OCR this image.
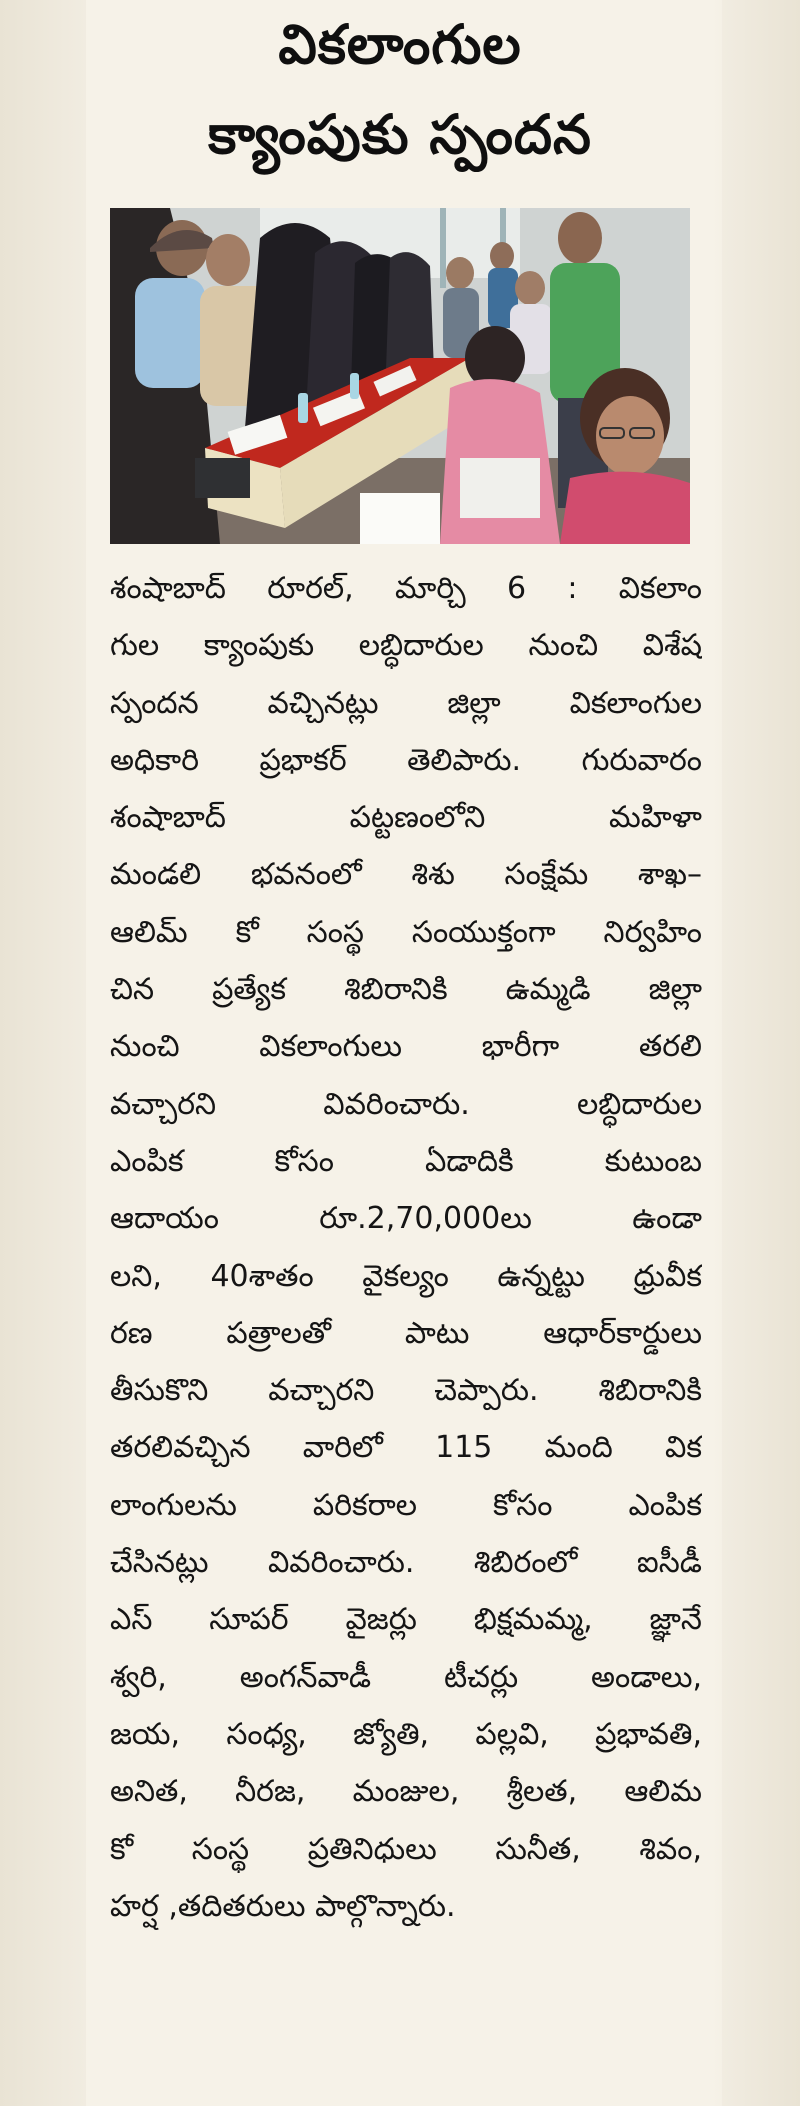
వికలాంగుల
క్యాంపుకు స్పందన
శంషాబాద్ రూరల్, మార్చి 6 : వికలాం
గుల క్యాంపుకు లబ్ధిదారుల నుంచి విశేష
స్పందన వచ్చినట్లు జిల్లా వికలాంగుల
అధికారి ప్రభాకర్ తెలిపారు. గురువారం
శంషాబాద్ పట్టణంలోని మహిళా
మండలి భవనంలో శిశు సంక్షేమ శాఖ–
ఆలిమ్ కో సంస్థ సంయుక్తంగా నిర్వహిం
చిన ప్రత్యేక శిబిరానికి ఉమ్మడి జిల్లా
నుంచి వికలాంగులు భారీగా తరలి
వచ్చారని వివరించారు. లబ్ధిదారుల
ఎంపిక కోసం ఏడాదికి కుటుంబ
ఆదాయం రూ.2,70,000లు ఉండా
లని, 40శాతం వైకల్యం ఉన్నట్టు ధ్రువీక
రణ పత్రాలతో పాటు ఆధార్‌కార్డులు
తీసుకొని వచ్చారని చెప్పారు. శిబిరానికి
తరలివచ్చిన వారిలో 115 మంది విక
లాంగులను పరికరాల కోసం ఎంపిక
చేసినట్లు వివరించారు. శిబిరంలో ఐసీడీ
ఎస్ సూపర్ వైజర్లు భిక్షమమ్మ, జ్ఞానే
శ్వరి, అంగన్‌వాడీ టీచర్లు అండాలు,
జయ, సంధ్య, జ్యోతి, పల్లవి, ప్రభావతి,
అనిత, నీరజ, మంజుల, శ్రీలత, ఆలిమ
కో సంస్థ ప్రతినిధులు సునీత, శివం,
హర్ష ,తదితరులు పాల్గొన్నారు.
